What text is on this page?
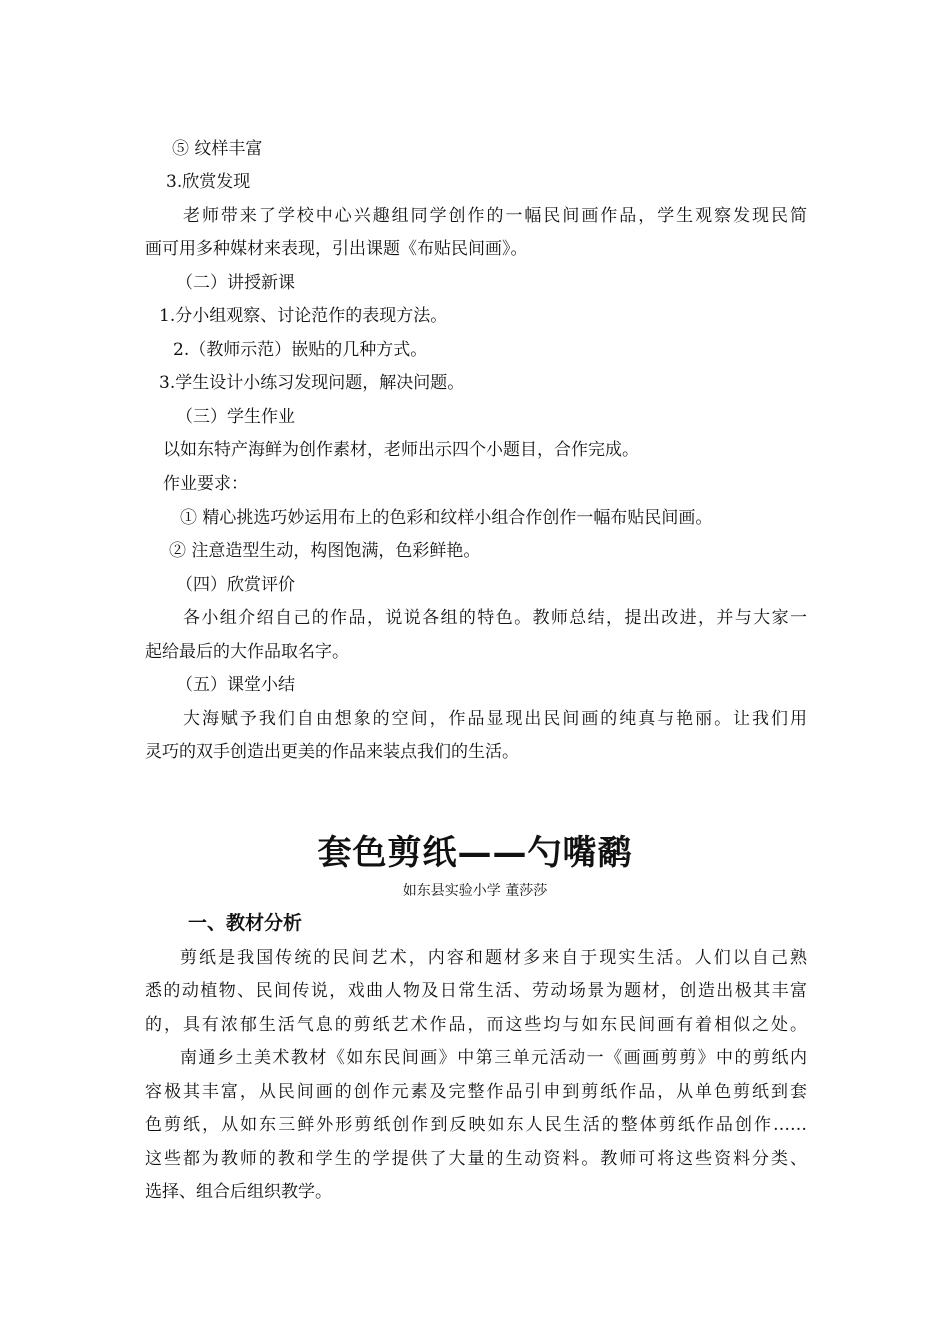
⑤ 纹样丰富
3.欣赏发现
老师带来了学校中心兴趣组同学创作的一幅民间画作品，学生观察发现民简
画可用多种媒材来表现，引出课题《布贴民间画》。
（二）讲授新课
1.分小组观察、讨论范作的表现方法。
2.（教师示范）嵌贴的几种方式。
3.学生设计小练习发现问题，解决问题。
（三）学生作业
以如东特产海鲜为创作素材，老师出示四个小题目，合作完成。
作业要求：
① 精心挑选巧妙运用布上的色彩和纹样小组合作创作一幅布贴民间画。
② 注意造型生动，构图饱满，色彩鲜艳。
（四）欣赏评价
各小组介绍自己的作品，说说各组的特色。教师总结，提出改进，并与大家一
起给最后的大作品取名字。
（五）课堂小结
大海赋予我们自由想象的空间，作品显现出民间画的纯真与艳丽。让我们用
灵巧的双手创造出更美的作品来装点我们的生活。
套色剪纸——勺嘴鹬
如东县实验小学 董莎莎
一、教材分析
剪纸是我国传统的民间艺术，内容和题材多来自于现实生活。人们以自己熟
悉的动植物、民间传说，戏曲人物及日常生活、劳动场景为题材，创造出极其丰富
的，具有浓郁生活气息的剪纸艺术作品，而这些均与如东民间画有着相似之处。
南通乡土美术教材《如东民间画》中第三单元活动一《画画剪剪》中的剪纸内
容极其丰富，从民间画的创作元素及完整作品引申到剪纸作品，从单色剪纸到套
色剪纸，从如东三鲜外形剪纸创作到反映如东人民生活的整体剪纸作品创作……
这些都为教师的教和学生的学提供了大量的生动资料。教师可将这些资料分类、
选择、组合后组织教学。
